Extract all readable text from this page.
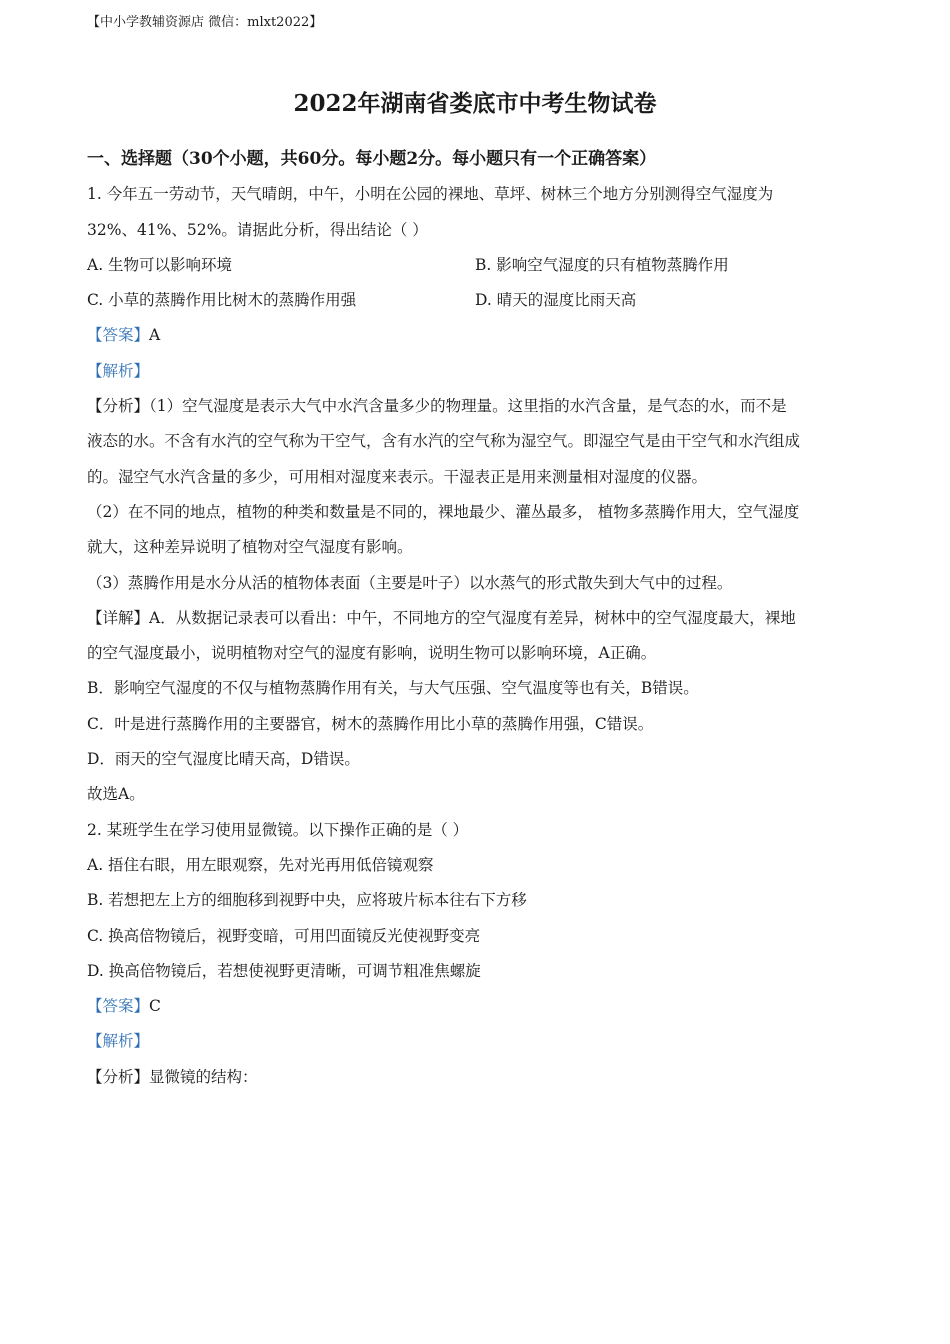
【中小学教辅资源店 微信：mlxt2022】
2022年湖南省娄底市中考生物试卷
一、选择题（30个小题，共60分。每小题2分。每小题只有一个正确答案）
1. 今年五一劳动节，天气晴朗，中午，小明在公园的裸地、草坪、树林三个地方分别测得空气湿度为
32%、41%、52%。请据此分析，得出结论（ ）
A. 生物可以影响环境	B. 影响空气湿度的只有植物蒸腾作用
C. 小草的蒸腾作用比树木的蒸腾作用强	D. 晴天的湿度比雨天高
【答案】A
【解析】
【分析】（1）空气湿度是表示大气中水汽含量多少的物理量。这里指的水汽含量，是气态的水，而不是
液态的水。不含有水汽的空气称为干空气，含有水汽的空气称为湿空气。即湿空气是由干空气和水汽组成
的。湿空气水汽含量的多少，可用相对湿度来表示。干湿表正是用来测量相对湿度的仪器。
（2）在不同的地点，植物的种类和数量是不同的，裸地最少、灌丛最多， 植物多蒸腾作用大，空气湿度
就大，这种差异说明了植物对空气湿度有影响。
（3）蒸腾作用是水分从活的植物体表面（主要是叶子）以水蒸气的形式散失到大气中的过程。
【详解】A．从数据记录表可以看出：中午，不同地方的空气湿度有差异，树林中的空气湿度最大，裸地
的空气湿度最小，说明植物对空气的湿度有影响，说明生物可以影响环境，A正确。
B．影响空气湿度的不仅与植物蒸腾作用有关，与大气压强、空气温度等也有关，B错误。
C．叶是进行蒸腾作用的主要器官，树木的蒸腾作用比小草的蒸腾作用强，C错误。
D．雨天的空气湿度比晴天高，D错误。
故选A。
2. 某班学生在学习使用显微镜。以下操作正确的是（ ）
A. 捂住右眼，用左眼观察，先对光再用低倍镜观察
B. 若想把左上方的细胞移到视野中央，应将玻片标本往右下方移
C. 换高倍物镜后，视野变暗，可用凹面镜反光使视野变亮
D. 换高倍物镜后，若想使视野更清晰，可调节粗准焦螺旋
【答案】C
【解析】
【分析】显微镜的结构：
